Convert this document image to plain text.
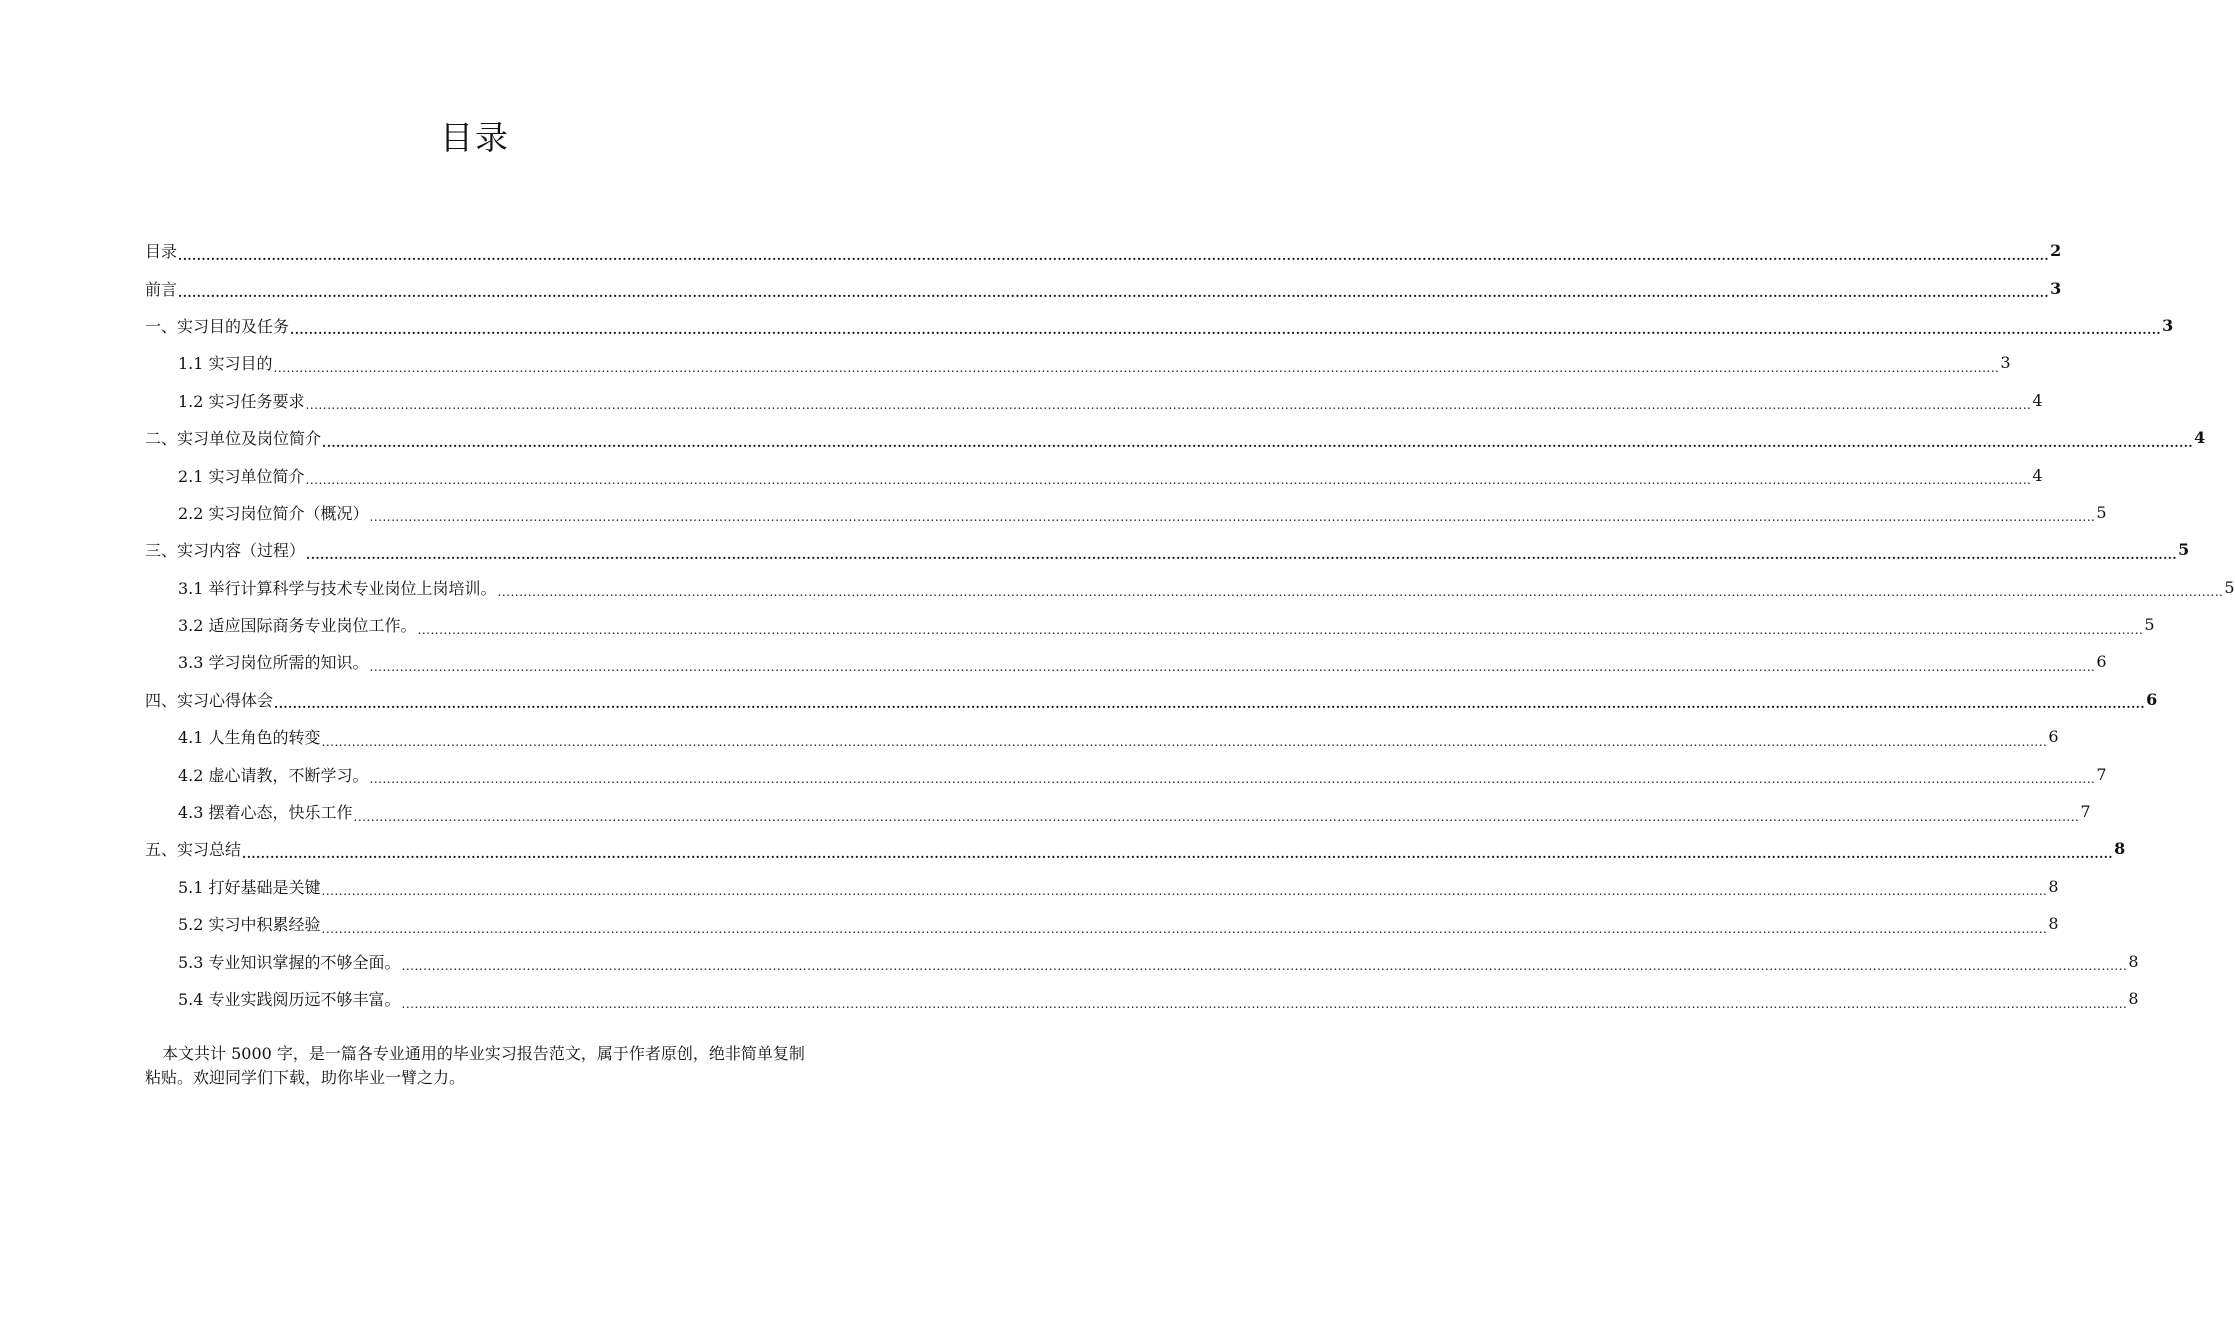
目录
目录 ................................................................................................................................................................................................................................................................................................................................................................................................................ 2
前言 ................................................................................................................................................................................................................................................................................................................................................................................................................ 3
一、实习目的及任务 ................................................................................................................................................................................................................................................................................................................................................................................................................ 3
1.1 实习目的 ................................................................................................................................................................................................................................................................................................................................................................................................................ 3
1.2 实习任务要求 ................................................................................................................................................................................................................................................................................................................................................................................................................ 4
二、实习单位及岗位简介 ................................................................................................................................................................................................................................................................................................................................................................................................................ 4
2.1 实习单位简介 ................................................................................................................................................................................................................................................................................................................................................................................................................ 4
2.2 实习岗位简介（概况） ................................................................................................................................................................................................................................................................................................................................................................................................................ 5
三、实习内容（过程） ................................................................................................................................................................................................................................................................................................................................................................................................................ 5
3.1 举行计算科学与技术专业岗位上岗培训。 ................................................................................................................................................................................................................................................................................................................................................................................................................ 5
3.2 适应国际商务专业岗位工作。 ................................................................................................................................................................................................................................................................................................................................................................................................................ 5
3.3 学习岗位所需的知识。 ................................................................................................................................................................................................................................................................................................................................................................................................................ 6
四、实习心得体会 ................................................................................................................................................................................................................................................................................................................................................................................................................ 6
4.1 人生角色的转变 ................................................................................................................................................................................................................................................................................................................................................................................................................ 6
4.2 虚心请教，不断学习。 ................................................................................................................................................................................................................................................................................................................................................................................................................ 7
4.3 摆着心态，快乐工作 ................................................................................................................................................................................................................................................................................................................................................................................................................ 7
五、实习总结 ................................................................................................................................................................................................................................................................................................................................................................................................................ 8
5.1 打好基础是关键 ................................................................................................................................................................................................................................................................................................................................................................................................................ 8
5.2 实习中积累经验 ................................................................................................................................................................................................................................................................................................................................................................................................................ 8
5.3 专业知识掌握的不够全面。 ................................................................................................................................................................................................................................................................................................................................................................................................................ 8
5.4 专业实践阅历远不够丰富。 ................................................................................................................................................................................................................................................................................................................................................................................................................ 8
本文共计 5000 字，是一篇各专业通用的毕业实习报告范文，属于作者原创，绝非简单复制粘贴。欢迎同学们下载，助你毕业一臂之力。
